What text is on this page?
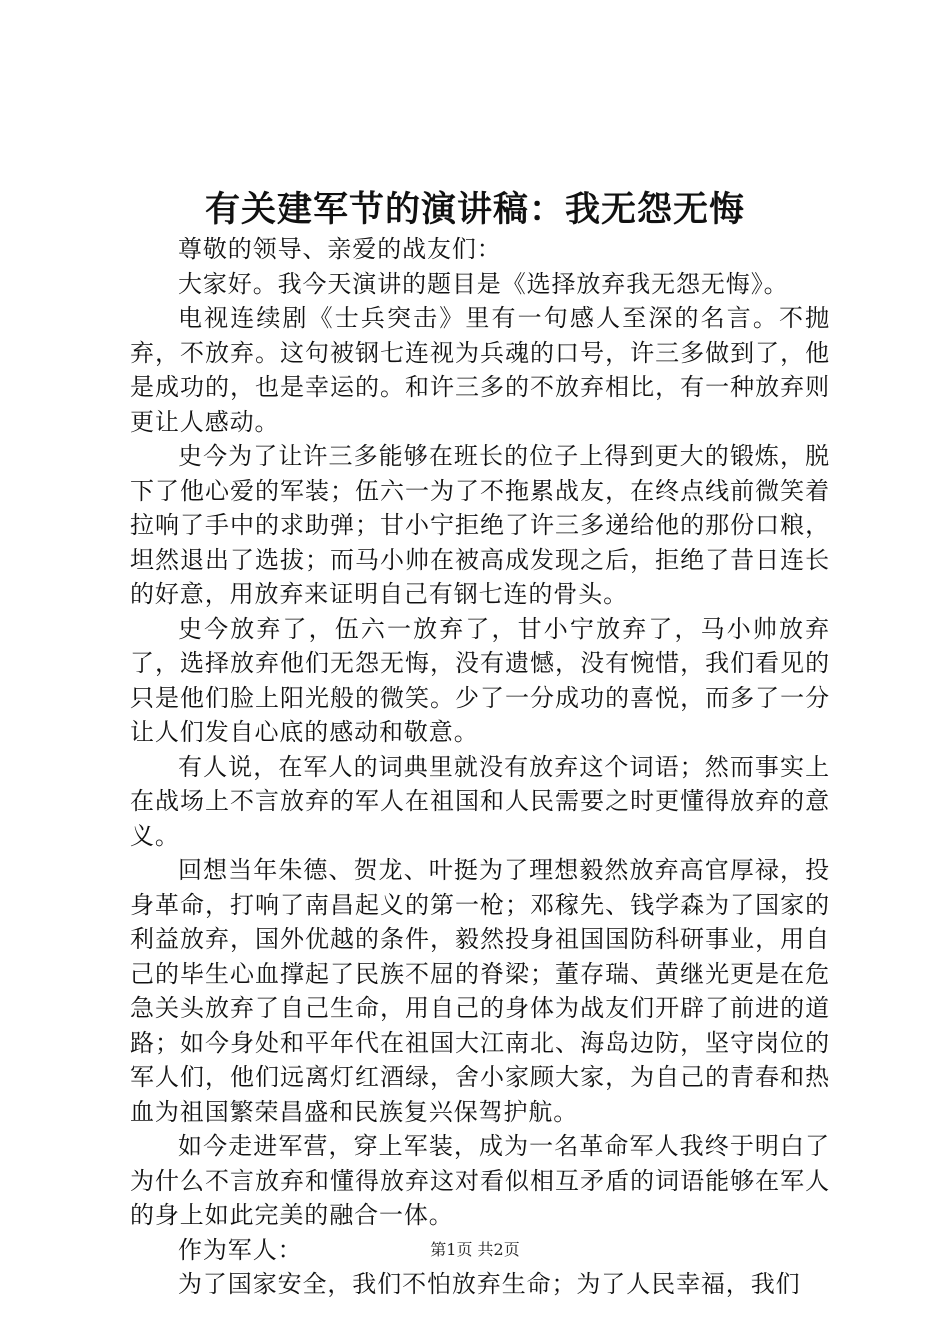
有关建军节的演讲稿：我无怨无悔

尊敬的领导、亲爱的战友们：

大家好。我今天演讲的题目是《选择放弃我无怨无悔》。

电视连续剧《士兵突击》里有一句感人至深的名言。不抛弃，不放弃。这句被钢七连视为兵魂的口号，许三多做到了，他是成功的，也是幸运的。和许三多的不放弃相比，有一种放弃则更让人感动。

史今为了让许三多能够在班长的位子上得到更大的锻炼，脱下了他心爱的军装；伍六一为了不拖累战友，在终点线前微笑着拉响了手中的求助弹；甘小宁拒绝了许三多递给他的那份口粮，坦然退出了选拔；而马小帅在被高成发现之后，拒绝了昔日连长的好意，用放弃来证明自己有钢七连的骨头。

史今放弃了，伍六一放弃了，甘小宁放弃了，马小帅放弃了，选择放弃他们无怨无悔，没有遗憾，没有惋惜，我们看见的只是他们脸上阳光般的微笑。少了一分成功的喜悦，而多了一分让人们发自心底的感动和敬意。

有人说，在军人的词典里就没有放弃这个词语；然而事实上在战场上不言放弃的军人在祖国和人民需要之时更懂得放弃的意义。

回想当年朱德、贺龙、叶挺为了理想毅然放弃高官厚禄，投身革命，打响了南昌起义的第一枪；邓稼先、钱学森为了国家的利益放弃，国外优越的条件，毅然投身祖国国防科研事业，用自己的毕生心血撑起了民族不屈的脊梁；董存瑞、黄继光更是在危急关头放弃了自己生命，用自己的身体为战友们开辟了前进的道路；如今身处和平年代在祖国大江南北、海岛边防，坚守岗位的军人们，他们远离灯红酒绿，舍小家顾大家，为自己的青春和热血为祖国繁荣昌盛和民族复兴保驾护航。

如今走进军营，穿上军装，成为一名革命军人我终于明白了为什么不言放弃和懂得放弃这对看似相互矛盾的词语能够在军人的身上如此完美的融合一体。

作为军人：

为了国家安全，我们不怕放弃生命；为了人民幸福，我们

第1页 共2页
